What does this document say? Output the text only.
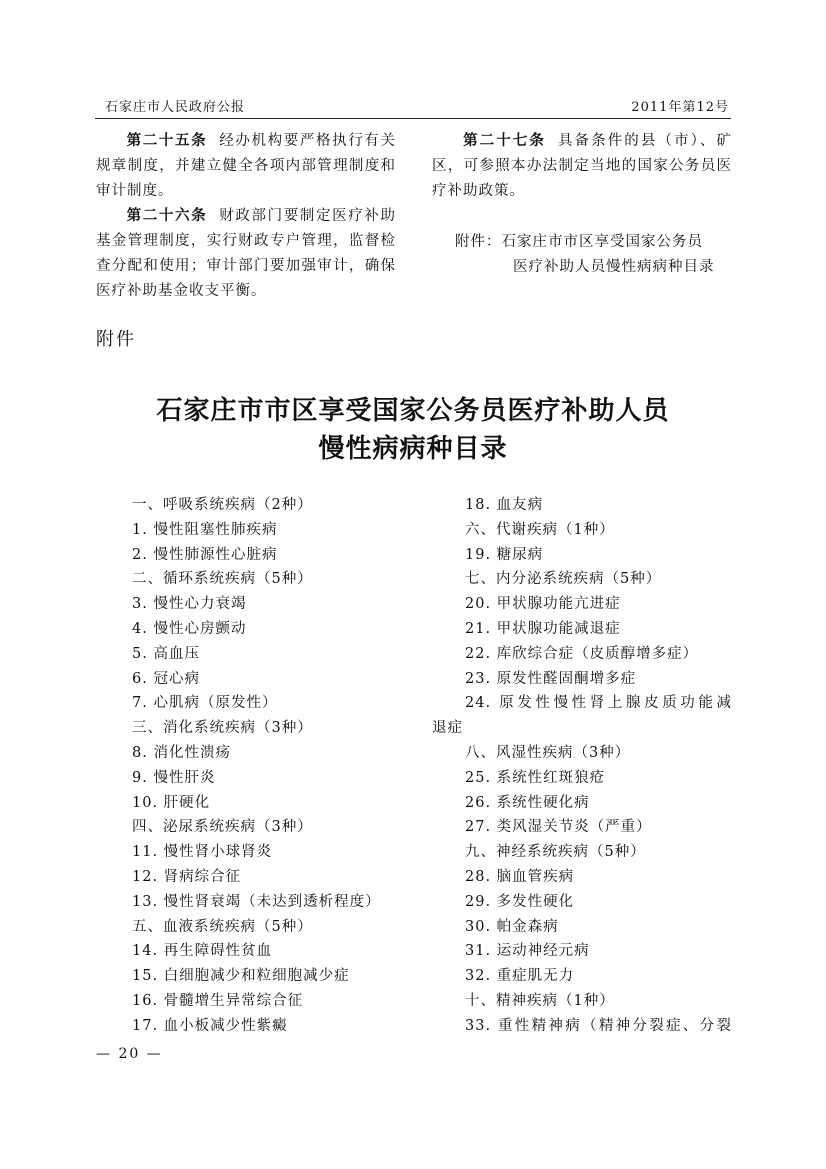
石家庄市人民政府公报	2011年第12号
第二十五条 经办机构要严格执行有关规章制度，并建立健全各项内部管理制度和审计制度。
第二十六条 财政部门要制定医疗补助基金管理制度，实行财政专户管理，监督检查分配和使用；审计部门要加强审计，确保医疗补助基金收支平衡。
第二十七条 具备条件的县（市）、矿区，可参照本办法制定当地的国家公务员医疗补助政策。
附件：石家庄市市区享受国家公务员
医疗补助人员慢性病病种目录
附件
石家庄市市区享受国家公务员医疗补助人员
慢性病病种目录
一、呼吸系统疾病（2种）
1. 慢性阻塞性肺疾病
2. 慢性肺源性心脏病
二、循环系统疾病（5种）
3. 慢性心力衰竭
4. 慢性心房颤动
5. 高血压
6. 冠心病
7. 心肌病（原发性）
三、消化系统疾病（3种）
8. 消化性溃疡
9. 慢性肝炎
10. 肝硬化
四、泌尿系统疾病（3种）
11. 慢性肾小球肾炎
12. 肾病综合征
13. 慢性肾衰竭（未达到透析程度）
五、血液系统疾病（5种）
14. 再生障碍性贫血
15. 白细胞减少和粒细胞减少症
16. 骨髓增生异常综合征
17. 血小板减少性紫癜
18. 血友病
六、代谢疾病（1种）
19. 糖尿病
七、内分泌系统疾病（5种）
20. 甲状腺功能亢进症
21. 甲状腺功能减退症
22. 库欣综合症（皮质醇增多症）
23. 原发性醛固酮增多症
24. 原发性慢性肾上腺皮质功能减
退症
八、风湿性疾病（3种）
25. 系统性红斑狼疮
26. 系统性硬化病
27. 类风湿关节炎（严重）
九、神经系统疾病（5种）
28. 脑血管疾病
29. 多发性硬化
30. 帕金森病
31. 运动神经元病
32. 重症肌无力
十、精神疾病（1种）
33. 重性精神病（精神分裂症、分裂
— 20 —
